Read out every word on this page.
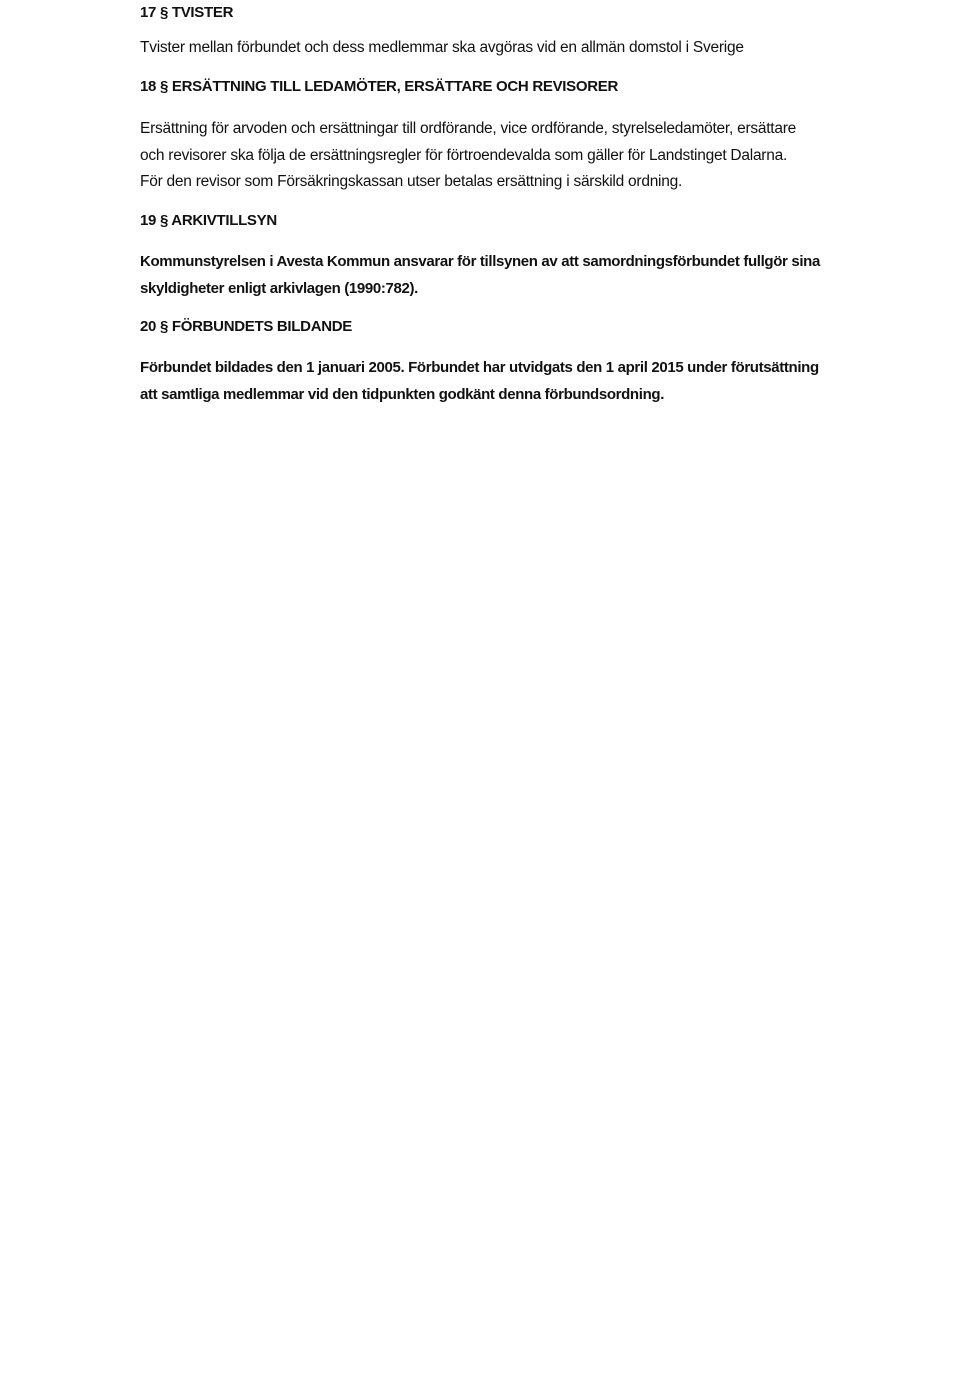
17 § TVISTER
Tvister mellan förbundet och dess medlemmar ska avgöras vid en allmän domstol i Sverige
18 § ERSÄTTNING TILL LEDAMÖTER, ERSÄTTARE OCH REVISORER
Ersättning för arvoden och ersättningar till ordförande, vice ordförande, styrelseledamöter, ersättare
och revisorer ska följa de ersättningsregler för förtroendevalda som gäller för Landstinget Dalarna.
För den revisor som Försäkringskassan utser betalas ersättning i särskild ordning.
19 § ARKIVTILLSYN
Kommunstyrelsen i Avesta Kommun ansvarar för tillsynen av att samordningsförbundet fullgör sina
skyldigheter enligt arkivlagen (1990:782).
20 § FÖRBUNDETS BILDANDE
Förbundet bildades den 1 januari 2005. Förbundet har utvidgats den 1 april 2015 under förutsättning
att samtliga medlemmar vid den tidpunkten godkänt denna förbundsordning.
